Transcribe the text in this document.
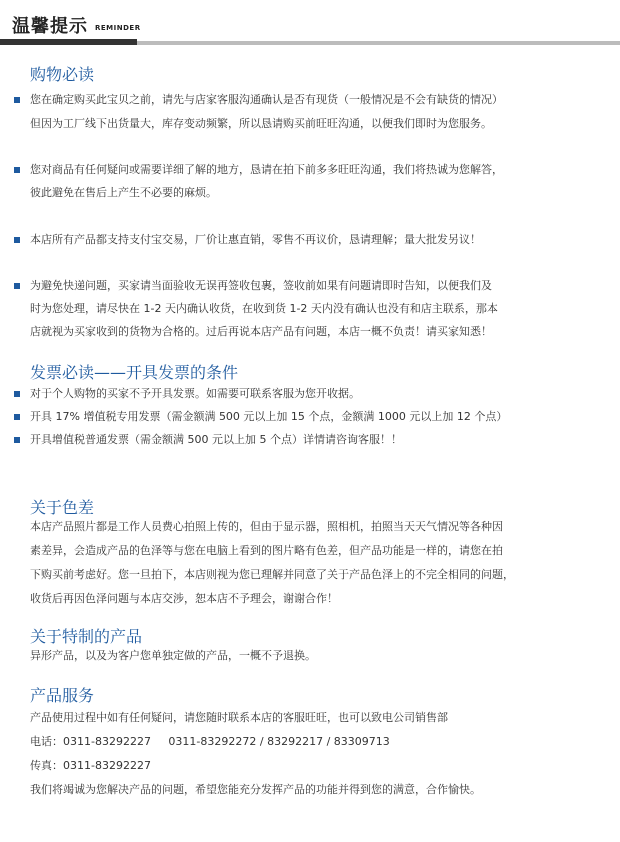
温馨提示 REMINDER
购物必读
您在确定购买此宝贝之前，请先与店家客服沟通确认是否有现货（一般情况是不会有缺货的情况）
但因为工厂线下出货量大，库存变动频繁，所以恳请购买前旺旺沟通，以便我们即时为您服务。
您对商品有任何疑问或需要详细了解的地方，恳请在拍下前多多旺旺沟通，我们将热诚为您解答，
彼此避免在售后上产生不必要的麻烦。
本店所有产品都支持支付宝交易，厂价让惠直销，零售不再议价，恳请理解；量大批发另议！
为避免快递问题，买家请当面验收无误再签收包裹，签收前如果有问题请即时告知，以便我们及
时为您处理，请尽快在 1-2 天内确认收货，在收到货 1-2 天内没有确认也没有和店主联系，那本
店就视为买家收到的货物为合格的。过后再说本店产品有问题，本店一概不负责！请买家知悉！
发票必读——开具发票的条件
对于个人购物的买家不予开具发票。如需要可联系客服为您开收据。
开具 17% 增值税专用发票（需金额满 500 元以上加 15 个点，金额满 1000 元以上加 12 个点）
开具增值税普通发票（需金额满 500 元以上加 5 个点）详情请咨询客服！！
关于色差
本店产品照片都是工作人员费心拍照上传的，但由于显示器，照相机，拍照当天天气情况等各种因
素差异，会造成产品的色泽等与您在电脑上看到的图片略有色差，但产品功能是一样的，请您在拍
下购买前考虑好。您一旦拍下，本店则视为您已理解并同意了关于产品色泽上的不完全相同的问题，
收货后再因色泽问题与本店交涉，恕本店不予理会，谢谢合作！
关于特制的产品
异形产品，以及为客户您单独定做的产品，一概不予退换。
产品服务
产品使用过程中如有任何疑问，请您随时联系本店的客服旺旺，也可以致电公司销售部
电话：0311-83292227     0311-83292272 / 83292217 / 83309713
传真：0311-83292227
我们将竭诚为您解决产品的问题，希望您能充分发挥产品的功能并得到您的满意，合作愉快。
